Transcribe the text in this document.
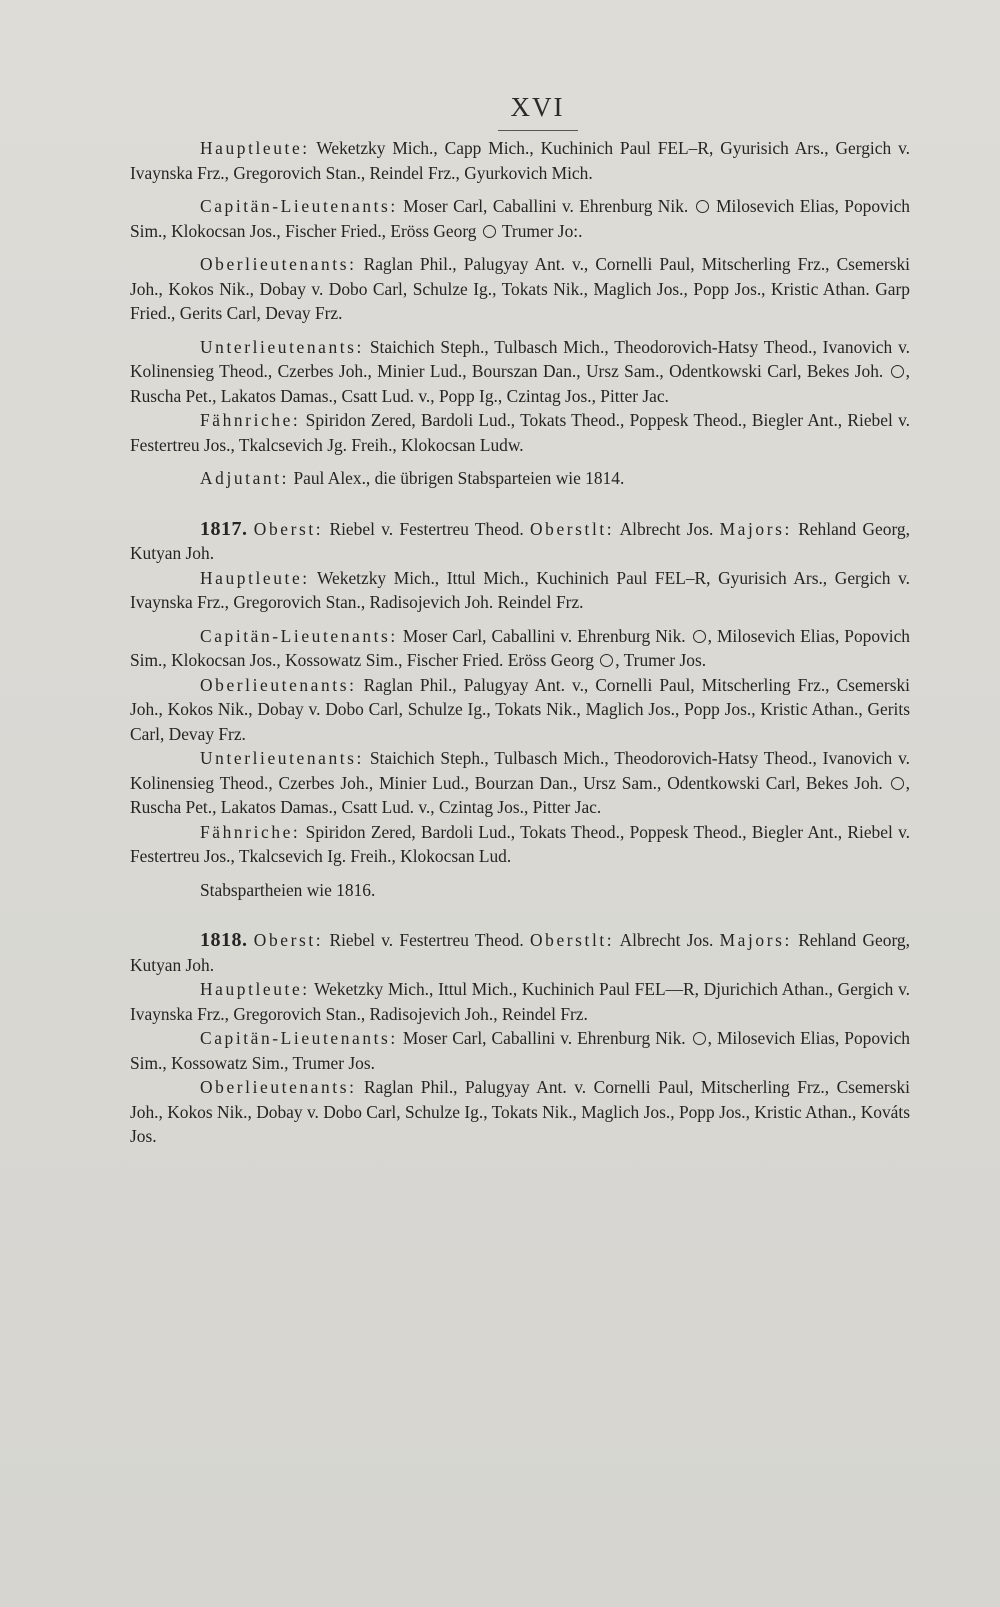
XVI

Hauptleute: Weketzky Mich., Capp Mich., Kuchinich Paul FEL–R, Gyurisich Ars., Gergich v. Ivaynska Frz., Gregorovich Stan., Reindel Frz., Gyurkovich Mich.

Capitän-Lieutenants: Moser Carl, Caballini v. Ehrenburg Nik. ○ Milosevich Elias, Popovich Sim., Klokocsan Jos., Fischer Fried., Eröss Georg ○ Trumer Jo:.

Oberlieutenants: Raglan Phil., Palugyay Ant. v., Cornelli Paul, Mitscherling Frz., Csemerski Joh., Kokos Nik., Dobay v. Dobo Carl, Schulze Ig., Tokats Nik., Maglich Jos., Popp Jos., Kristic Athan. Garp Fried., Gerits Carl, Devay Frz.

Unterlieutenants: Staichich Steph., Tulbasch Mich., Theodorovich-Hatsy Theod., Ivanovich v. Kolinensieg Theod., Czerbes Joh., Minier Lud., Bourszan Dan., Ursz Sam., Odentkowski Carl, Bekes Joh. ○ , Ruscha Pet., Lakatos Damas., Csatt Lud. v., Popp Ig., Czintag Jos., Pitter Jac.

Fähnriche: Spiridon Zered, Bardoli Lud., Tokats Theod., Poppesk Theod., Biegler Ant., Riebel v. Festertreu Jos., Tkalcsevich Jg. Freih., Klokocsan Ludw.

Adjutant: Paul Alex., die übrigen Stabsparteien wie 1814.

1817. Oberst: Riebel v. Festertreu Theod. Oberstlt: Albrecht Jos. Majors: Rehland Georg, Kutyan Joh.

Hauptleute: Weketzky Mich., Ittul Mich., Kuchinich Paul FEL–R, Gyurisich Ars., Gergich v. Ivaynska Frz., Gregorovich Stan., Radisojevich Joh. Reindel Frz.

Capitän-Lieutenants: Moser Carl, Caballini v. Ehrenburg Nik. ○ , Milosevich Elias, Popovich Sim., Klokocsan Jos., Kossowatz Sim., Fischer Fried. Eröss Georg ○ , Trumer Jos.

Oberlieutenants: Raglan Phil., Palugyay Ant. v., Cornelli Paul, Mitscherling Frz., Csemerski Joh., Kokos Nik., Dobay v. Dobo Carl, Schulze Ig., Tokats Nik., Maglich Jos., Popp Jos., Kristic Athan., Gerits Carl, Devay Frz.

Unterlieutenants: Staichich Steph., Tulbasch Mich., Theodorovich-Hatsy Theod., Ivanovich v. Kolinensieg Theod., Czerbes Joh., Minier Lud., Bourzan Dan., Ursz Sam., Odentkowski Carl, Bekes Joh. ○ , Ruscha Pet., Lakatos Damas., Csatt Lud. v., Czintag Jos., Pitter Jac.

Fähnriche: Spiridon Zered, Bardoli Lud., Tokats Theod., Poppesk Theod., Biegler Ant., Riebel v. Festertreu Jos., Tkalcsevich Ig. Freih., Klokocsan Lud.

Stabspartheien wie 1816.

1818. Oberst: Riebel v. Festertreu Theod. Oberstlt: Albrecht Jos. Majors: Rehland Georg, Kutyan Joh.

Hauptleute: Weketzky Mich., Ittul Mich., Kuchinich Paul FEL—R, Djurichich Athan., Gergich v. Ivaynska Frz., Gregorovich Stan., Radisojevich Joh., Reindel Frz.

Capitän-Lieutenants: Moser Carl, Caballini v. Ehrenburg Nik. ○ , Milosevich Elias, Popovich Sim., Kossowatz Sim., Trumer Jos.

Oberlieutenants: Raglan Phil., Palugyay Ant. v. Cornelli Paul, Mitscherling Frz., Csemerski Joh., Kokos Nik., Dobay v. Dobo Carl, Schulze Ig., Tokats Nik., Maglich Jos., Popp Jos., Kristic Athan., Kováts Jos.
